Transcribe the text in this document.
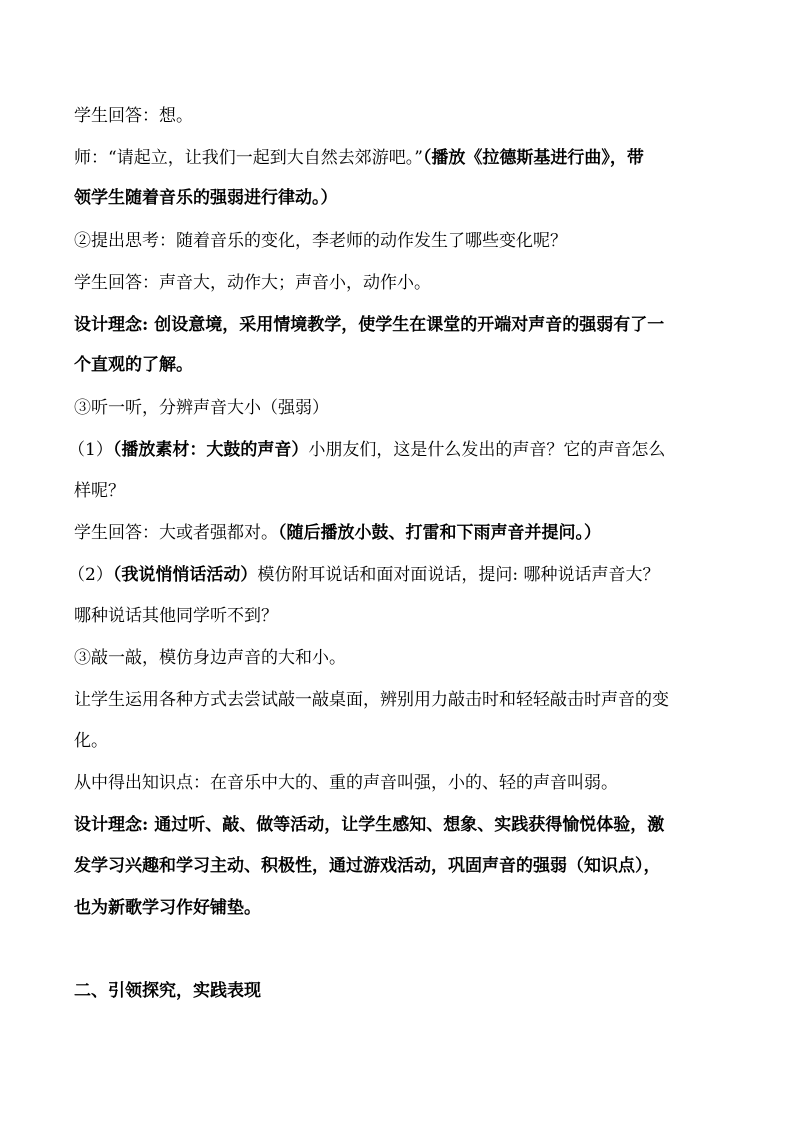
学生回答：想。
师：“请起立，让我们一起到大自然去郊游吧。”（播放《拉德斯基进行曲》，带
领学生随着音乐的强弱进行律动。）
②提出思考：随着音乐的变化，李老师的动作发生了哪些变化呢？
学生回答：声音大，动作大；声音小，动作小。
设计理念: 创设意境，采用情境教学，使学生在课堂的开端对声音的强弱有了一
个直观的了解。
③听一听，分辨声音大小（强弱）
（1）（播放素材：大鼓的声音）小朋友们，这是什么发出的声音？它的声音怎么
样呢？
学生回答：大或者强都对。（随后播放小鼓、打雷和下雨声音并提问。）
（2）（我说悄悄话活动）模仿附耳说话和面对面说话，提问: 哪种说话声音大？
哪种说话其他同学听不到？
③敲一敲，模仿身边声音的大和小。
让学生运用各种方式去尝试敲一敲桌面，辨别用力敲击时和轻轻敲击时声音的变
化。
从中得出知识点：在音乐中大的、重的声音叫强，小的、轻的声音叫弱。
设计理念: 通过听、敲、做等活动，让学生感知、想象、实践获得愉悦体验，激
发学习兴趣和学习主动、积极性，通过游戏活动，巩固声音的强弱（知识点），
也为新歌学习作好铺垫。
二、引领探究，实践表现
